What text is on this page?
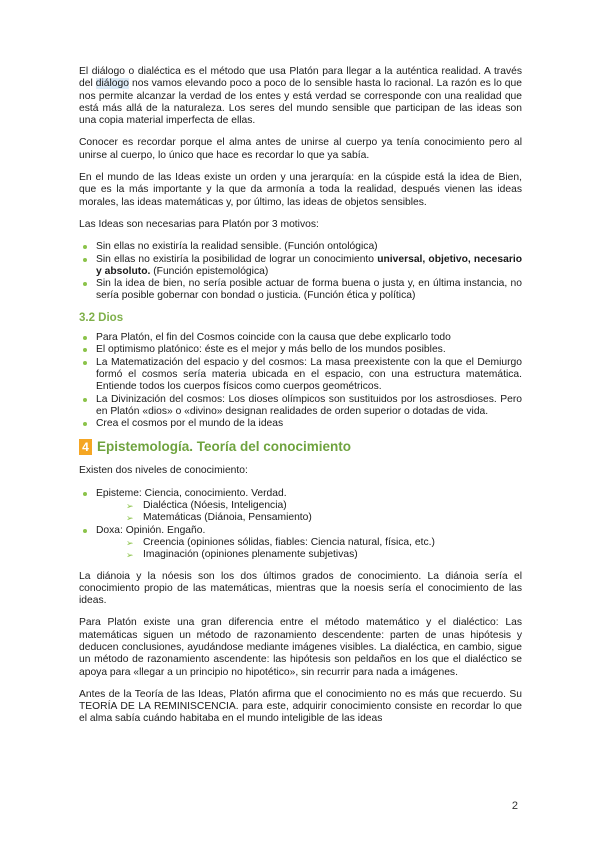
El diálogo o dialéctica es el método que usa Platón para llegar a la auténtica realidad. A través del diálogo nos vamos elevando poco a poco de lo sensible hasta lo racional. La razón es lo que nos permite alcanzar la verdad de los entes y está verdad se corresponde con una realidad que está más allá de la naturaleza. Los seres del mundo sensible que participan de las ideas son una copia material imperfecta de ellas.

Conocer es recordar porque el alma antes de unirse al cuerpo ya tenía conocimiento pero al unirse al cuerpo, lo único que hace es recordar lo que ya sabía.

En el mundo de las Ideas existe un orden y una jerarquía: en la cúspide está la idea de Bien, que es la más importante y la que da armonía a toda la realidad, después vienen las ideas morales, las ideas matemáticas y, por último, las ideas de objetos sensibles.

Las Ideas son necesarias para Platón por 3 motivos:

Sin ellas no existiría la realidad sensible. (Función ontológica)
Sin ellas no existiría la posibilidad de lograr un conocimiento universal, objetivo, necesario y absoluto. (Función epistemológica)
Sin la idea de bien, no sería posible actuar de forma buena o justa y, en última instancia, no sería posible gobernar con bondad o justicia. (Función ética y política)
3.2 Dios
Para Platón, el fin del Cosmos coincide con la causa que debe explicarlo todo
El optimismo platónico: éste es el mejor y más bello de los mundos posibles.
La Matematización del espacio y del cosmos: La masa preexistente con la que el Demiurgo formó el cosmos sería materia ubicada en el espacio, con una estructura matemática. Entiende todos los cuerpos físicos como cuerpos geométricos.
La Divinización del cosmos: Los dioses olímpicos son sustituidos por los astrosdioses. Pero en Platón «dios» o «divino» designan realidades de orden superior o dotadas de vida.
Crea el cosmos por el mundo de la ideas
4 Epistemología. Teoría del conocimiento

Existen dos niveles de conocimiento:

Episteme: Ciencia, conocimiento. Verdad.
➢ Dialéctica (Nóesis, Inteligencia)
➢ Matemáticas (Diánoia, Pensamiento)
Doxa: Opinión. Engaño.
➢ Creencia (opiniones sólidas, fiables: Ciencia natural, física, etc.)
➢ Imaginación (opiniones plenamente subjetivas)

La diánoia y la nóesis son los dos últimos grados de conocimiento. La diánoia sería el conocimiento propio de las matemáticas, mientras que la noesis sería el conocimiento de las ideas.

Para Platón existe una gran diferencia entre el método matemático y el dialéctico: Las matemáticas siguen un método de razonamiento descendente: parten de unas hipótesis y deducen conclusiones, ayudándose mediante imágenes visibles. La dialéctica, en cambio, sigue un método de razonamiento ascendente: las hipótesis son peldaños en los que el dialéctico se apoya para «llegar a un principio no hipotético», sin recurrir para nada a imágenes.

Antes de la Teoría de las Ideas, Platón afirma que el conocimiento no es más que recuerdo. Su TEORÍA DE LA REMINISCENCIA. para este, adquirir conocimiento consiste en recordar lo que el alma sabía cuándo habitaba en el mundo inteligible de las ideas

2
